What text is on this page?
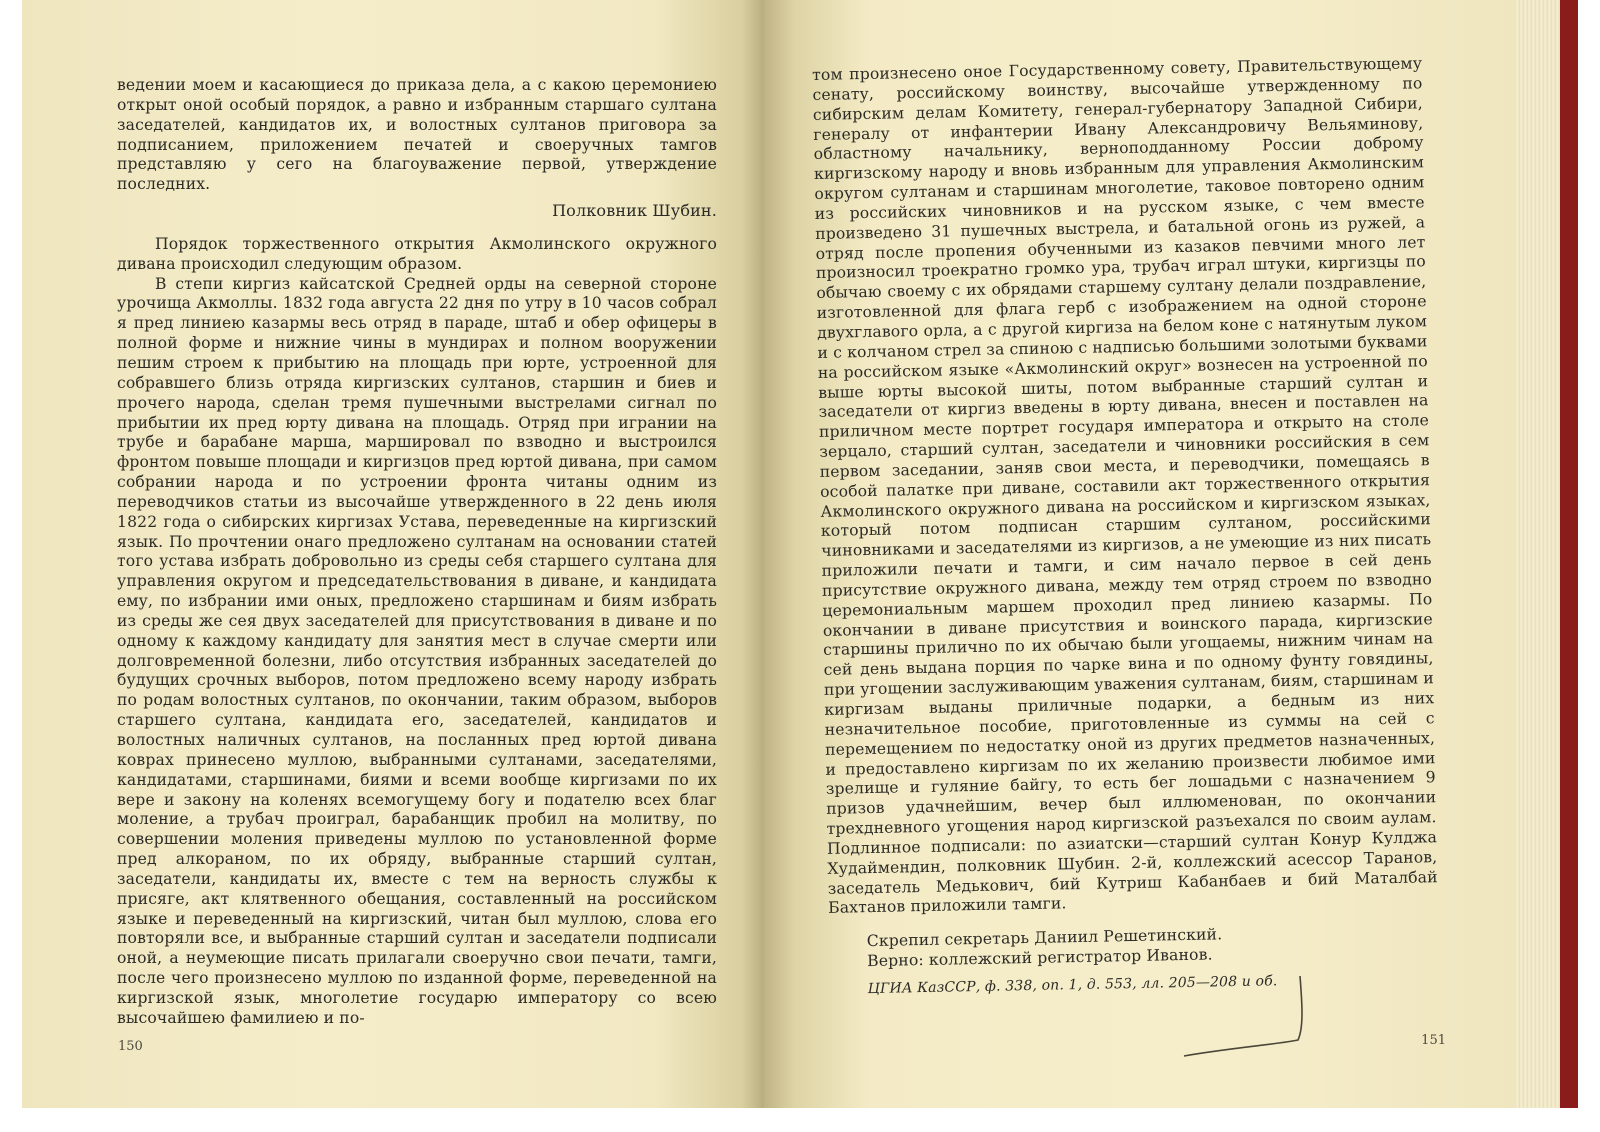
ведении моем и касающиеся до приказа дела, а с какою церемониею открыт оной особый порядок, а равно и избранным старшаго султана заседателей, кандидатов их, и волостных султанов приговора за подписанием, приложением печатей и своеручных тамгов представляю у сего на благоуважение первой, утверждение последних.

Полковник Шубин.

Порядок торжественного открытия Акмолинского окружного дивана происходил следующим образом.

В степи киргиз кайсатской Средней орды на северной стороне урочища Акмоллы. 1832 года августа 22 дня по утру в 10 часов собрал я пред линиею казармы весь отряд в параде, штаб и обер офицеры в полной форме и нижние чины в мундирах и полном вооружении пешим строем к прибытию на площадь при юрте, устроенной для собравшего близь отряда киргизских султанов, старшин и биев и прочего народа, сделан тремя пушечными выстрелами сигнал по прибытии их пред юрту дивана на площадь. Отряд при игрании на трубе и барабане марша, маршировал по взводно и выстроился фронтом повыше площади и киргизцов пред юртой дивана, при самом собрании народа и по устроении фронта читаны одним из переводчиков статьи из высочайше утвержденного в 22 день июля 1822 года о сибирских киргизах Устава, переведенные на киргизский язык. По прочтении онаго предложено султанам на основании статей того устава избрать добровольно из среды себя старшего султана для управления округом и председательствования в диване, и кандидата ему, по избрании ими оных, предложено старшинам и биям избрать из среды же сея двух заседателей для присутствования в диване и по одному к каждому кандидату для занятия мест в случае смерти или долговременной болезни, либо отсутствия избранных заседателей до будущих срочных выборов, потом предложено всему народу избрать по родам волостных султанов, по окончании, таким образом, выборов старшего султана, кандидата его, заседателей, кандидатов и волостных наличных султанов, на посланных пред юртой дивана коврах принесено муллою, выбранными султанами, заседателями, кандидатами, старшинами, биями и всеми вообще киргизами по их вере и закону на коленях всемогущему богу и подателю всех благ моление, а трубач проиграл, барабанщик пробил на молитву, по совершении моления приведены муллою по установленной форме пред алкораном, по их обряду, выбранные старший султан, заседатели, кандидаты их, вместе с тем на верность службы к присяге, акт клятвенного обещания, составленный на российском языке и переведенный на киргизский, читан был муллою, слова его повторяли все, и выбранные старший султан и заседатели подписали оной, а неумеющие писать прилагали своеручно свои печати, тамги, после чего произнесено муллою по изданной форме, переведенной на киргизской язык, многолетие государю императору со всею высочайшею фамилиею и по-

150

том произнесено оное Государственному совету, Правительствующему сенату, российскому воинству, высочайше утвержденному по сибирским делам Комитету, генерал-губернатору Западной Сибири, генералу от инфантерии Ивану Александровичу Вельяминову, областному начальнику, верноподданному России доброму киргизскому народу и вновь избранным для управления Акмолинским округом султанам и старшинам многолетие, таковое повторено одним из российских чиновников и на русском языке, с чем вместе произведено 31 пушечных выстрела, и батальной огонь из ружей, а отряд после пропения обученными из казаков певчими много лет произносил троекратно громко ура, трубач играл штуки, киргизцы по обычаю своему с их обрядами старшему султану делали поздравление, изготовленной для флага герб с изображением на одной стороне двухглавого орла, а с другой киргиза на белом коне с натянутым луком и с колчаном стрел за спиною с надписью большими золотыми буквами на российском языке «Акмолинский округ» вознесен на устроенной по выше юрты высокой шиты, потом выбранные старший султан и заседатели от киргиз введены в юрту дивана, внесен и поставлен на приличном месте портрет государя императора и открыто на столе зерцало, старший султан, заседатели и чиновники российския в сем первом заседании, заняв свои места, и переводчики, помещаясь в особой палатке при диване, составили акт торжественного открытия Акмолинского окружного дивана на российском и киргизском языках, который потом подписан старшим султаном, российскими чиновниками и заседателями из киргизов, а не умеющие из них писать приложили печати и тамги, и сим начало первое в сей день присутствие окружного дивана, между тем отряд строем по взводно церемониальным маршем проходил пред линиею казармы. По окончании в диване присутствия и воинского парада, киргизские старшины прилично по их обычаю были угощаемы, нижним чинам на сей день выдана порция по чарке вина и по одному фунту говядины, при угощении заслуживающим уважения султанам, биям, старшинам и киргизам выданы приличные подарки, а бедным из них незначительное пособие, приготовленные из суммы на сей с перемещением по недостатку оной из других предметов назначенных, и предоставлено киргизам по их желанию произвести любимое ими зрелище и гуляние байгу, то есть бег лошадьми с назначением 9 призов удачнейшим, вечер был иллюменован, по окончании трехдневного угощения народ киргизской разъехался по своим аулам. Подлинное подписали: по азиатски—старший султан Конур Кулджа Худаймендин, полковник Шубин. 2-й, коллежский асессор Таранов, заседатель Медькович, бий Кутриш Кабанбаев и бий Маталбай Бахтанов приложили тамги.

Скрепил секретарь Даниил Решетинский.

Верно: коллежский регистратор Иванов.

ЦГИА КазССР, ф. 338, оп. 1, д. 553, лл. 205—208 и об.

151
